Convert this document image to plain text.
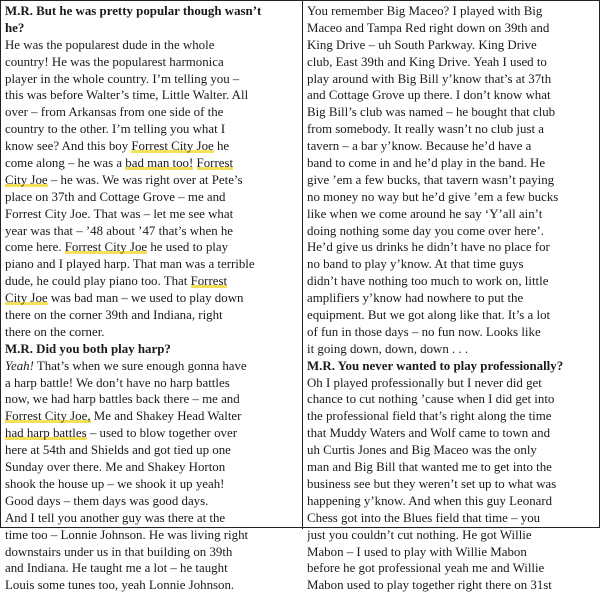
M.R. But he was pretty popular though wasn’t
he?
He was the popularest dude in the whole
country! He was the popularest harmonica
player in the whole country. I’m telling you –
this was before Walter’s time, Little Walter. All
over – from Arkansas from one side of the
country to the other. I’m telling you what I
know see? And this boy Forrest City Joe he
come along – he was a bad man too! Forrest
City Joe – he was. We was right over at Pete’s
place on 37th and Cottage Grove – me and
Forrest City Joe. That was – let me see what
year was that – ’48 about ’47 that’s when he
come here. Forrest City Joe he used to play
piano and I played harp. That man was a terrible
dude, he could play piano too. That Forrest
City Joe was bad man – we used to play down
there on the corner 39th and Indiana, right
there on the corner.
M.R. Did you both play harp?
Yeah! That’s when we sure enough gonna have
a harp battle! We don’t have no harp battles
now, we had harp battles back there – me and
Forrest City Joe, Me and Shakey Head Walter
had harp battles – used to blow together over
here at 54th and Shields and got tied up one
Sunday over there. Me and Shakey Horton
shook the house up – we shook it up yeah!
Good days – them days was good days.
And I tell you another guy was there at the
time too – Lonnie Johnson. He was living right
downstairs under us in that building on 39th
and Indiana. He taught me a lot – he taught
Louis some tunes too, yeah Lonnie Johnson.
You remember Big Maceo? I played with Big
Maceo and Tampa Red right down on 39th and
King Drive – uh South Parkway. King Drive
club, East 39th and King Drive. Yeah I used to
play around with Big Bill y’know that’s at 37th
and Cottage Grove up there. I don’t know what
Big Bill’s club was named – he bought that club
from somebody. It really wasn’t no club just a
tavern – a bar y’know. Because he’d have a
band to come in and he’d play in the band. He
give ’em a few bucks, that tavern wasn’t paying
no money no way but he’d give ’em a few bucks
like when we come around he say ‘Y’all ain’t
doing nothing some day you come over here’.
He’d give us drinks he didn’t have no place for
no band to play y’know. At that time guys
didn’t have nothing too much to work on, little
amplifiers y’know had nowhere to put the
equipment. But we got along like that. It’s a lot
of fun in those days – no fun now. Looks like
it going down, down, down . . .
M.R. You never wanted to play professionally?
Oh I played professionally but I never did get
chance to cut nothing ’cause when I did get into
the professional field that’s right along the time
that Muddy Waters and Wolf came to town and
uh Curtis Jones and Big Maceo was the only
man and Big Bill that wanted me to get into the
business see but they weren’t set up to what was
happening y’know. And when this guy Leonard
Chess got into the Blues field that time – you
just you couldn’t cut nothing. He got Willie
Mabon – I used to play with Willie Mabon
before he got professional yeah me and Willie
Mabon used to play together right there on 31st
